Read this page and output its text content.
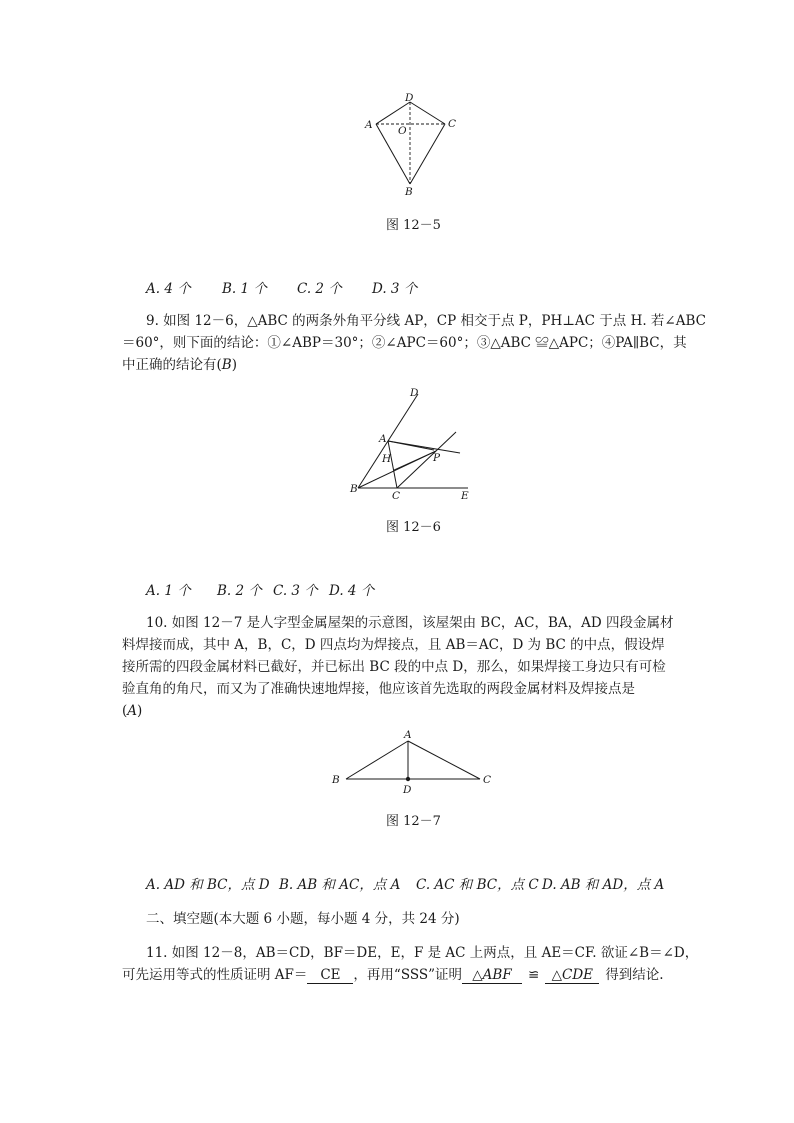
D
A	C
O
B
图 12－5
A. 4 个 B. 1 个 C. 2 个 D. 3 个
9. 如图 12－6，△ABC 的两条外角平分线 AP，CP 相交于点 P，PH⊥AC 于点 H. 若∠ABC
＝60°，则下面的结论：①∠ABP＝30°；②∠APC＝60°；③△ABC ≌△APC；④PA∥BC，其
中正确的结论有(B)
D
A
H	P
B
C	E
图 12－6
A. 1 个 B. 2 个 C. 3 个 D. 4 个
10. 如图 12－7 是人字型金属屋架的示意图，该屋架由 BC，AC，BA，AD 四段金属材
料焊接而成，其中 A，B，C，D 四点均为焊接点，且 AB＝AC，D 为 BC 的中点，假设焊
接所需的四段金属材料已截好，并已标出 BC 段的中点 D，那么，如果焊接工身边只有可检
验直角的角尺，而又为了准确快速地焊接，他应该首先选取的两段金属材料及焊接点是
(A)
A
B	C
D
图 12－7
A. AD 和 BC，点 D B. AB 和 AC，点 A C. AC 和 BC，点 C D. AB 和 AD，点 A
二、填空题(本大题 6 小题，每小题 4 分，共 24 分)
11. 如图 12－8，AB＝CD，BF＝DE，E，F 是 AC 上两点，且 AE＝CF. 欲证∠B＝∠D，
可先运用等式的性质证明 AF＝ CE ，再用“SSS”证明 △ABF ≌ △CDE 得到结论.
